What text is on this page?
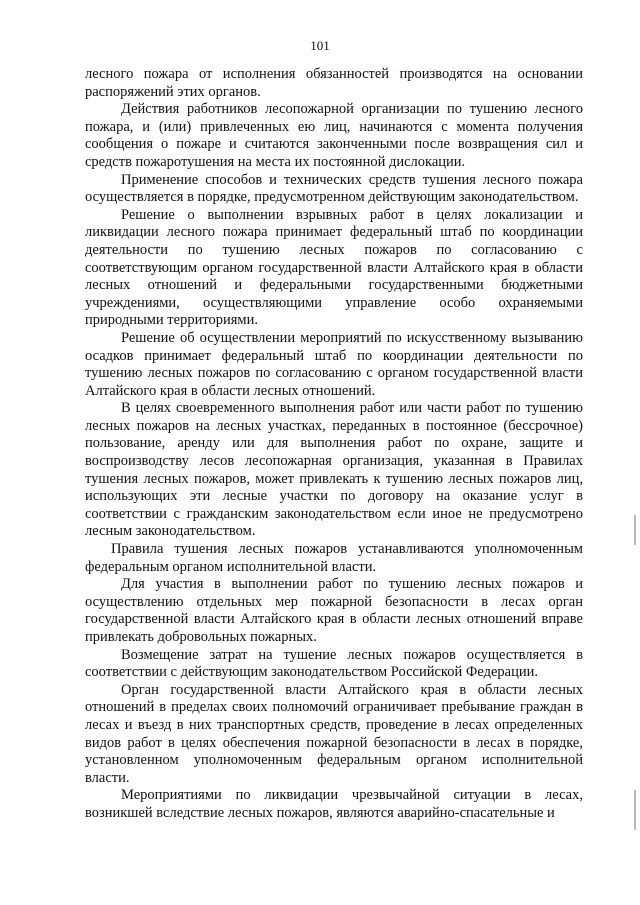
101

лесного пожара от исполнения обязанностей производятся на основании распоряжений этих органов.

Действия работников лесопожарной организации по тушению лесного пожара, и (или) привлеченных ею лиц, начинаются с момента получения сообщения о пожаре и считаются законченными после возвращения сил и средств пожаротушения на места их постоянной дислокации.

Применение способов и технических средств тушения лесного пожара осуществляется в порядке, предусмотренном действующим законодательством.

Решение о выполнении взрывных работ в целях локализации и ликвидации лесного пожара принимает федеральный штаб по координации деятельности по тушению лесных пожаров по согласованию с соответствующим органом государственной власти Алтайского края в области лесных отношений и федеральными государственными бюджетными учреждениями, осуществляющими управление особо охраняемыми природными территориями.

Решение об осуществлении мероприятий по искусственному вызыванию осадков принимает федеральный штаб по координации деятельности по тушению лесных пожаров по согласованию с органом государственной власти Алтайского края в области лесных отношений.

В целях своевременного выполнения работ или части работ по тушению лесных пожаров на лесных участках, переданных в постоянное (бессрочное) пользование, аренду или для выполнения работ по охране, защите и воспроизводству лесов лесопожарная организация, указанная в Правилах тушения лесных пожаров, может привлекать к тушению лесных пожаров лиц, использующих эти лесные участки по договору на оказание услуг в соответствии с гражданским законодательством если иное не предусмотрено лесным законодательством.

Правила тушения лесных пожаров устанавливаются уполномоченным федеральным органом исполнительной власти.

Для участия в выполнении работ по тушению лесных пожаров и осуществлению отдельных мер пожарной безопасности в лесах орган государственной власти Алтайского края в области лесных отношений вправе привлекать добровольных пожарных.

Возмещение затрат на тушение лесных пожаров осуществляется в соответствии с действующим законодательством Российской Федерации.

Орган государственной власти Алтайского края в области лесных отношений в пределах своих полномочий ограничивает пребывание граждан в лесах и въезд в них транспортных средств, проведение в лесах определенных видов работ в целях обеспечения пожарной безопасности в лесах в порядке, установленном уполномоченным федеральным органом исполнительной власти.

Мероприятиями по ликвидации чрезвычайной ситуации в лесах, возникшей вследствие лесных пожаров, являются аварийно-спасательные и
